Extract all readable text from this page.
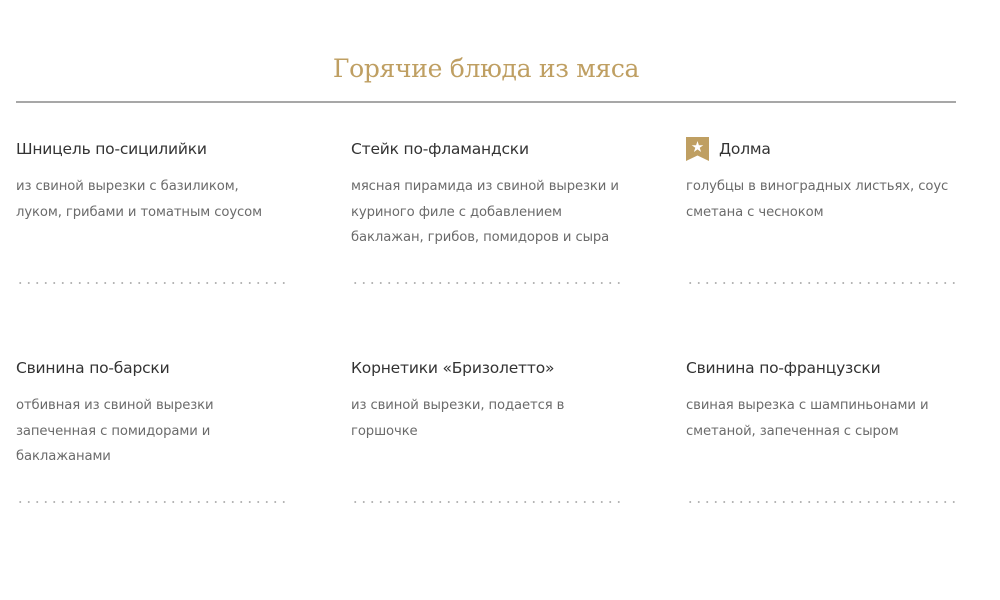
Горячие блюда из мяса
Шницель по-сицилийки

из свиной вырезки с базиликом, луком, грибами и томатным соусом

Стейк по-фламандски

мясная пирамида из свиной вырезки и куриного филе с добавлением баклажан, грибов, помидоров и сыра

Долма

голубцы в виноградных листьях, соус сметана с чесноком

Свинина по-барски

отбивная из свиной вырезки запеченная с помидорами и баклажанами

Корнетики «Бризолетто»

из свиной вырезки, подается в горшочке

Свинина по-французски

свиная вырезка с шампиньонами и сметаной, запеченная с сыром
